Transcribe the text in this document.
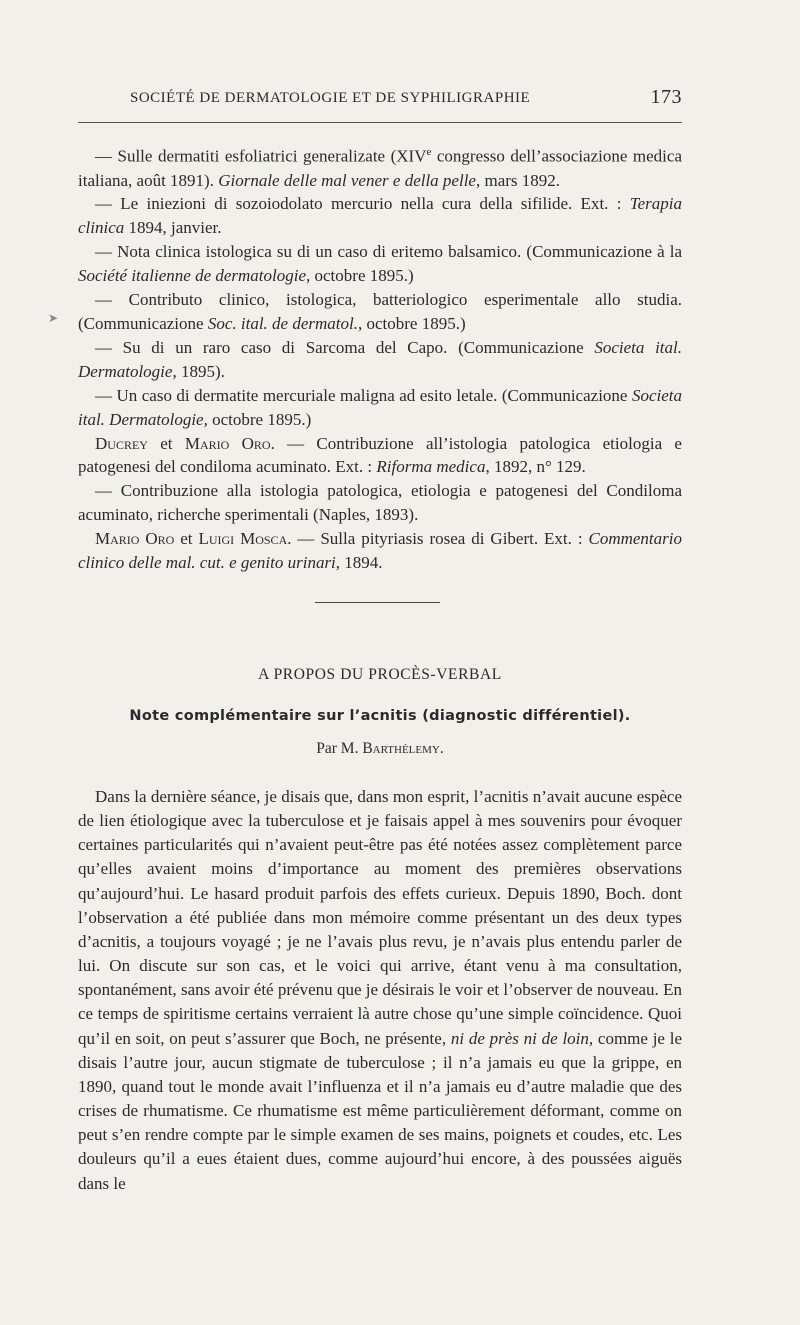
SOCIÉTÉ DE DERMATOLOGIE ET DE SYPHILIGRAPHIE	173

— Sulle dermatiti esfoliatrici generalizate (XIVe congresso dell’associazione medica italiana, août 1891). Giornale delle mal vener e della pelle, mars 1892.

— Le iniezioni di sozoiodolato mercurio nella cura della sifilide. Ext. : Terapia clinica 1894, janvier.

— Nota clinica istologica su di un caso di eritemo balsamico. (Communicazione à la Société italienne de dermatologie, octobre 1895.)

— Contributo clinico, istologica, batteriologico esperimentale allo studia. (Communicazione Soc. ital. de dermatol., octobre 1895.)

— Su di un raro caso di Sarcoma del Capo. (Communicazione Societa ital. Dermatologie, 1895).

— Un caso di dermatite mercuriale maligna ad esito letale. (Communicazione Societa ital. Dermatologie, octobre 1895.)

Ducrey et Mario Oro. — Contribuzione all’istologia patologica etiologia e patogenesi del condiloma acuminato. Ext. : Riforma medica, 1892, n° 129.

— Contribuzione alla istologia patologica, etiologia e patogenesi del Condiloma acuminato, richerche sperimentali (Naples, 1893).

Mario Oro et Luigi Mosca. — Sulla pityriasis rosea di Gibert. Ext. : Commentario clinico delle mal. cut. e genito urinari, 1894.

A PROPOS DU PROCÈS-VERBAL
Note complémentaire sur l’acnitis (diagnostic différentiel).
Par M. Barthélemy.

Dans la dernière séance, je disais que, dans mon esprit, l’acnitis n’avait aucune espèce de lien étiologique avec la tuberculose et je faisais appel à mes souvenirs pour évoquer certaines particularités qui n’avaient peut-être pas été notées assez complètement parce qu’elles avaient moins d’importance au moment des premières observations qu’aujourd’hui. Le hasard produit parfois des effets curieux. Depuis 1890, Boch. dont l’observation a été publiée dans mon mémoire comme présentant un des deux types d’acnitis, a toujours voyagé ; je ne l’avais plus revu, je n’avais plus entendu parler de lui. On discute sur son cas, et le voici qui arrive, étant venu à ma consultation, spontanément, sans avoir été prévenu que je désirais le voir et l’observer de nouveau. En ce temps de spiritisme certains verraient là autre chose qu’une simple coïncidence. Quoi qu’il en soit, on peut s’assurer que Boch, ne présente, ni de près ni de loin, comme je le disais l’autre jour, aucun stigmate de tuberculose ; il n’a jamais eu que la grippe, en 1890, quand tout le monde avait l’influenza et il n’a jamais eu d’autre maladie que des crises de rhumatisme. Ce rhumatisme est même particulièrement déformant, comme on peut s’en rendre compte par le simple examen de ses mains, poignets et coudes, etc. Les douleurs qu’il a eues étaient dues, comme aujourd’hui encore, à des poussées aiguës dans le

➤
